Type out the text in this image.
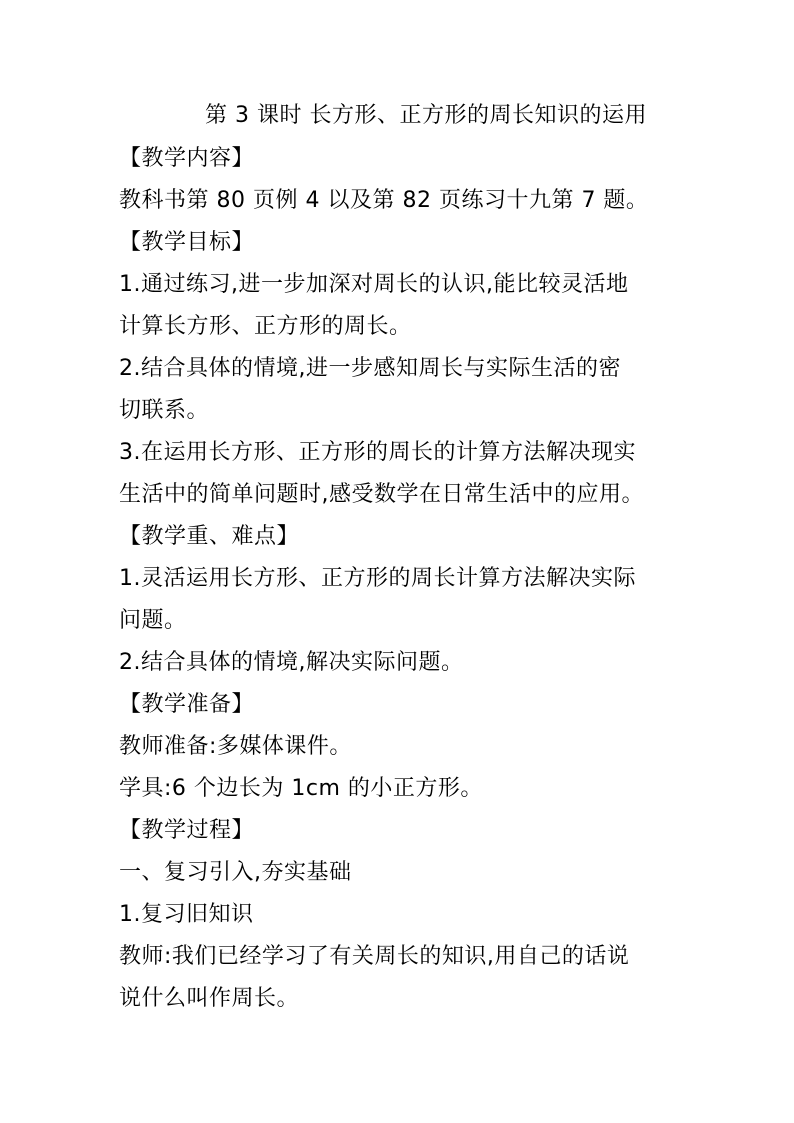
第 3 课时 长方形、正方形的周长知识的运用
【教学内容】
教科书第 80 页例 4 以及第 82 页练习十九第 7 题。
【教学目标】
1.通过练习,进一步加深对周长的认识,能比较灵活地
计算长方形、正方形的周长。
2.结合具体的情境,进一步感知周长与实际生活的密
切联系。
3.在运用长方形、正方形的周长的计算方法解决现实
生活中的简单问题时,感受数学在日常生活中的应用。
【教学重、难点】
1.灵活运用长方形、正方形的周长计算方法解决实际
问题。
2.结合具体的情境,解决实际问题。
【教学准备】
教师准备:多媒体课件。
学具:6 个边长为 1cm 的小正方形。
【教学过程】
一、复习引入,夯实基础
1.复习旧知识
教师:我们已经学习了有关周长的知识,用自己的话说
说什么叫作周长。
